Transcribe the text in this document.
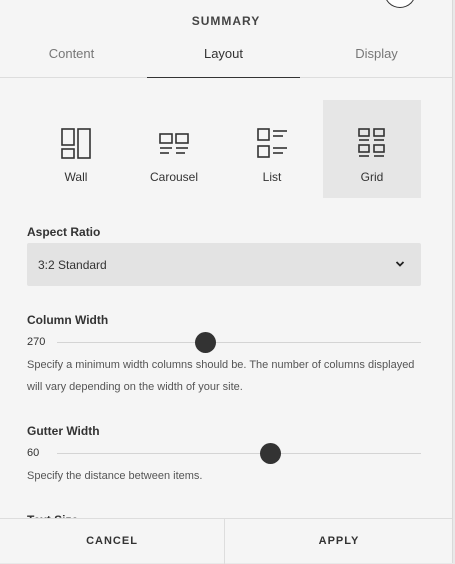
SUMMARY
Content	Layout	Display
Wall	Carousel	List	Grid
Aspect Ratio
3:2 Standard
Column Width
270
Specify a minimum width columns should be. The number of columns displayed will vary depending on the width of your site.
Gutter Width
60
Specify the distance between items.
CANCEL	APPLY
